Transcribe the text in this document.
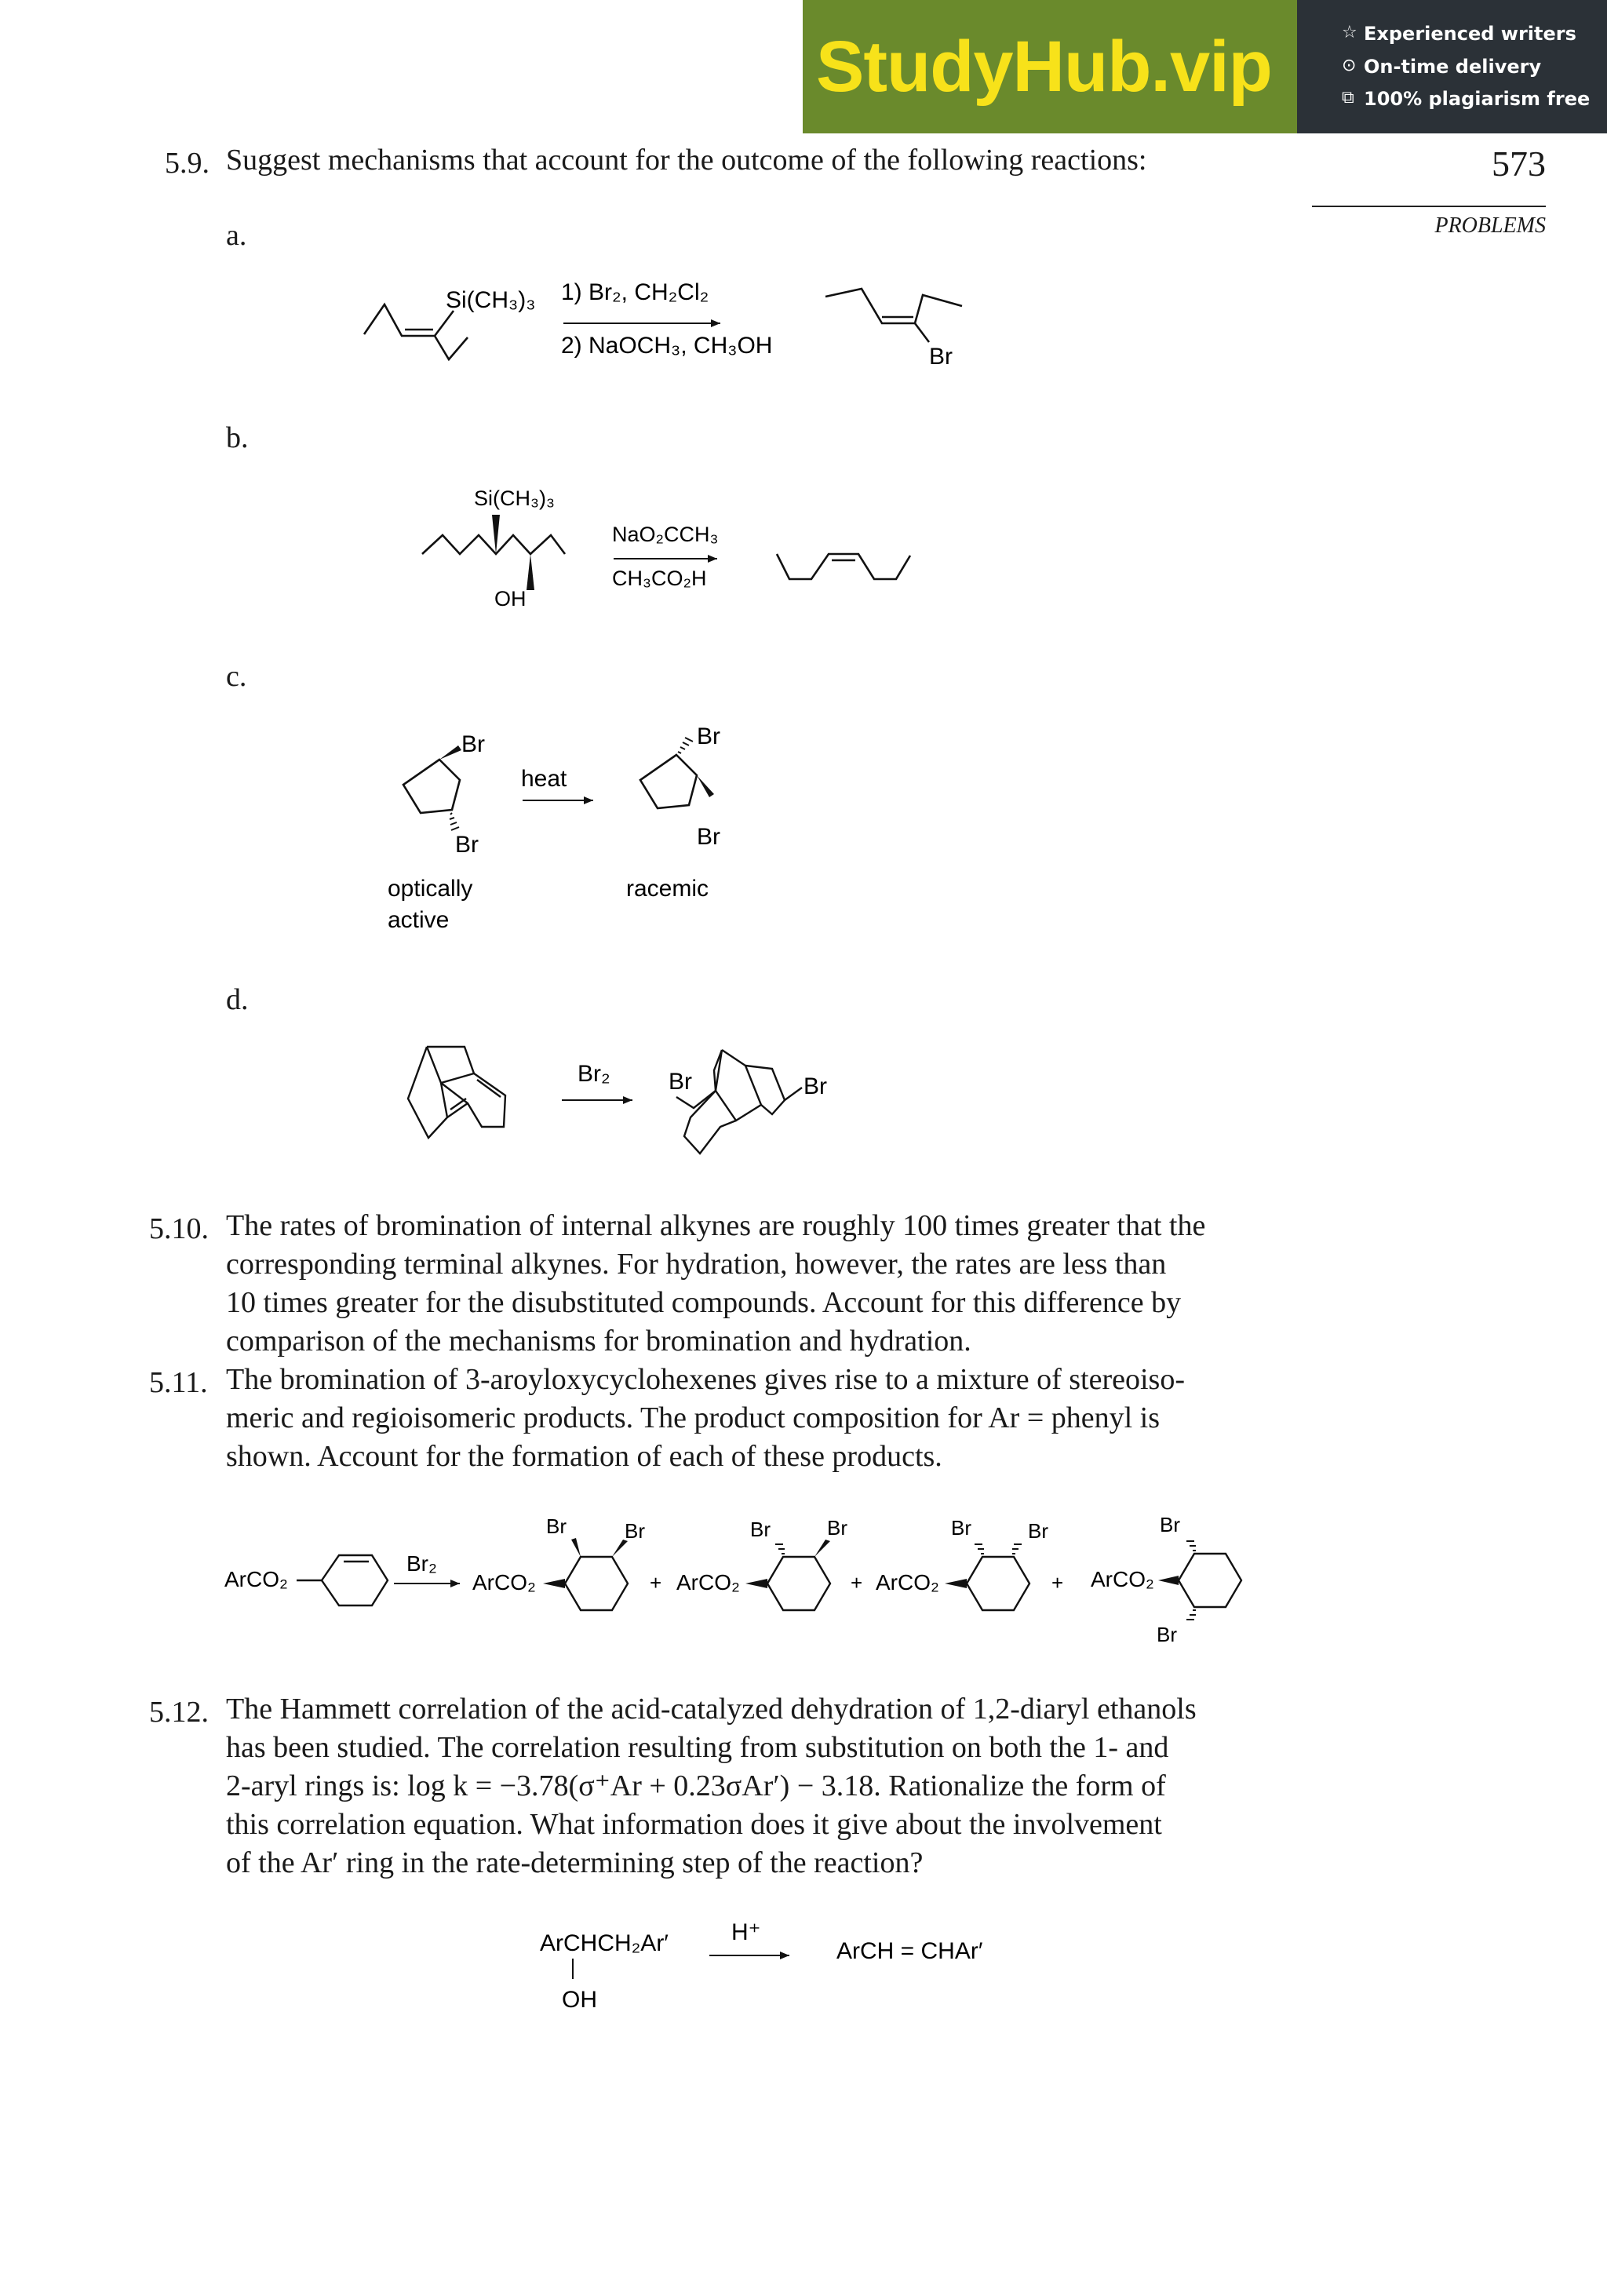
StudyHub.vip	☆ Experienced writers
⊙ On-time delivery
⧉ 100% plagiarism free
573
PROBLEMS
5.9. Suggest mechanisms that account for the outcome of the following reactions:
a.
b.
c.
d.
Si(CH₃)₃ 1) Br₂, CH₂Cl₂
2) NaOCH₃, CH₃OH	Br
Si(CH₃)₃
OH
NaO₂CCH₃
CH₃CO₂H
Br
Br
heat
Br
Br
optically
active
racemic
Br₂ Br	Br
5.10. The rates of bromination of internal alkynes are roughly 100 times greater that the
corresponding terminal alkynes. For hydration, however, the rates are less than
10 times greater for the disubstituted compounds. Account for this difference by
comparison of the mechanisms for bromination and hydration.
5.11. The bromination of 3-aroyloxycyclohexenes gives rise to a mixture of stereoiso-
meric and regioisomeric products. The product composition for Ar = phenyl is
shown. Account for the formation of each of these products.
ArCO₂
Br₂
ArCO₂
Br	Br
+ ArCO₂
Br	Br
+ ArCO₂
Br	Br
+ ArCO₂
Br
Br
5.12. The Hammett correlation of the acid-catalyzed dehydration of 1,2-diaryl ethanols
has been studied. The correlation resulting from substitution on both the 1- and
2-aryl rings is: log k = −3.78(σ⁺Ar + 0.23σAr′) − 3.18. Rationalize the form of
this correlation equation. What information does it give about the involvement
of the Ar′ ring in the rate-determining step of the reaction?
ArCHCH₂Ar′
OH
H⁺
ArCH = CHAr′
